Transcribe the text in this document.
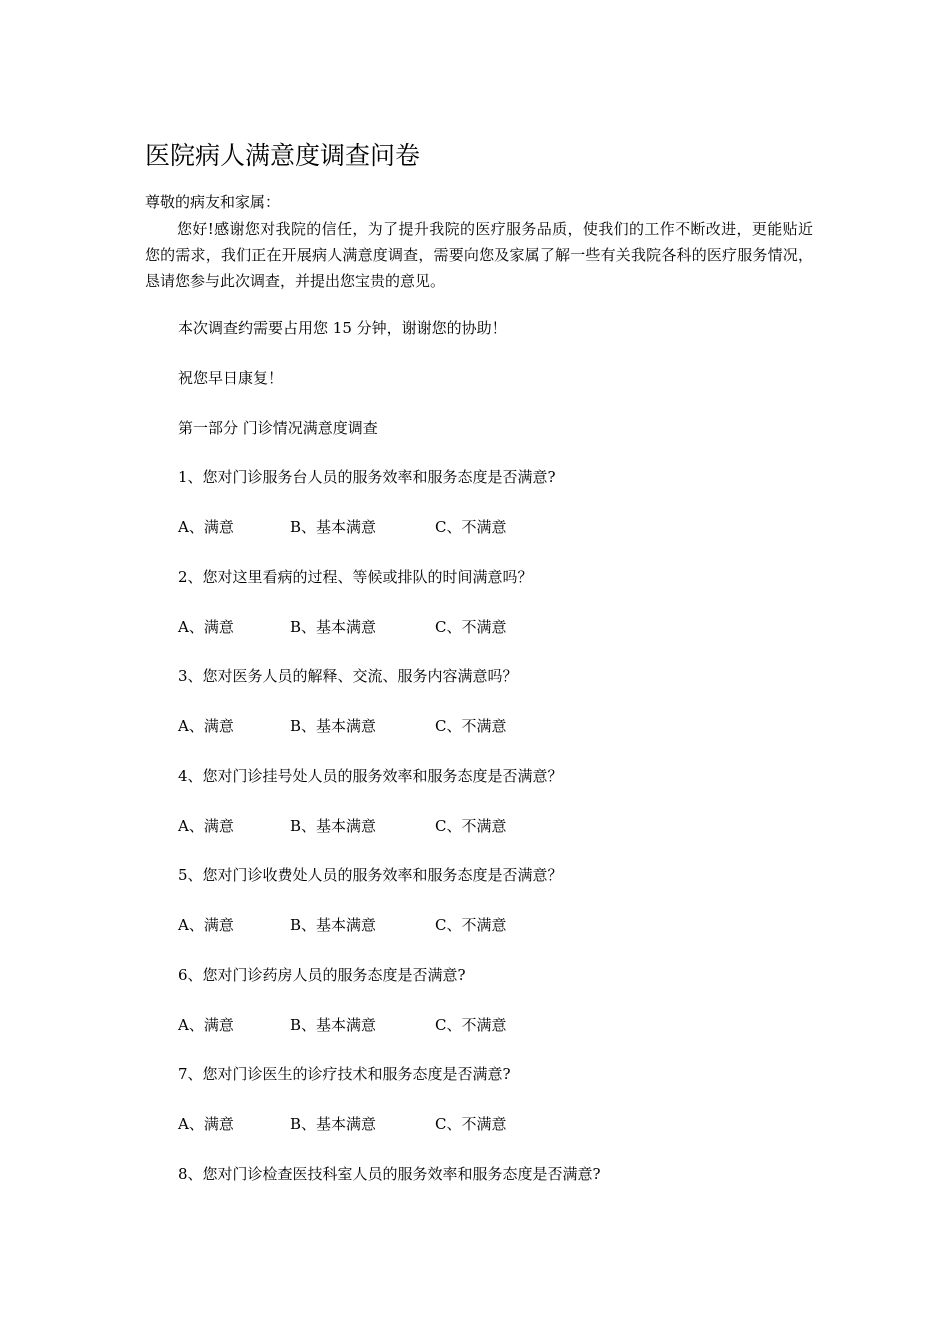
医院病人满意度调查问卷
尊敬的病友和家属：

您好!感谢您对我院的信任，为了提升我院的医疗服务品质，使我们的工作不断改进，更能贴近您的需求，我们正在开展病人满意度调查，需要向您及家属了解一些有关我院各科的医疗服务情况，恳请您参与此次调查，并提出您宝贵的意见。

本次调查约需要占用您 15 分钟，谢谢您的协助！
祝您早日康复！
第一部分 门诊情况满意度调查
1、您对门诊服务台人员的服务效率和服务态度是否满意?
A、满意	B、基本满意	C、不满意
2、您对这里看病的过程、等候或排队的时间满意吗？
A、满意	B、基本满意	C、不满意
3、您对医务人员的解释、交流、服务内容满意吗？
A、满意	B、基本满意	C、不满意
4、您对门诊挂号处人员的服务效率和服务态度是否满意？
A、满意	B、基本满意	C、不满意
5、您对门诊收费处人员的服务效率和服务态度是否满意？
A、满意	B、基本满意	C、不满意
6、您对门诊药房人员的服务态度是否满意?
A、满意	B、基本满意	C、不满意
7、您对门诊医生的诊疗技术和服务态度是否满意?
A、满意	B、基本满意	C、不满意
8、您对门诊检查医技科室人员的服务效率和服务态度是否满意?
